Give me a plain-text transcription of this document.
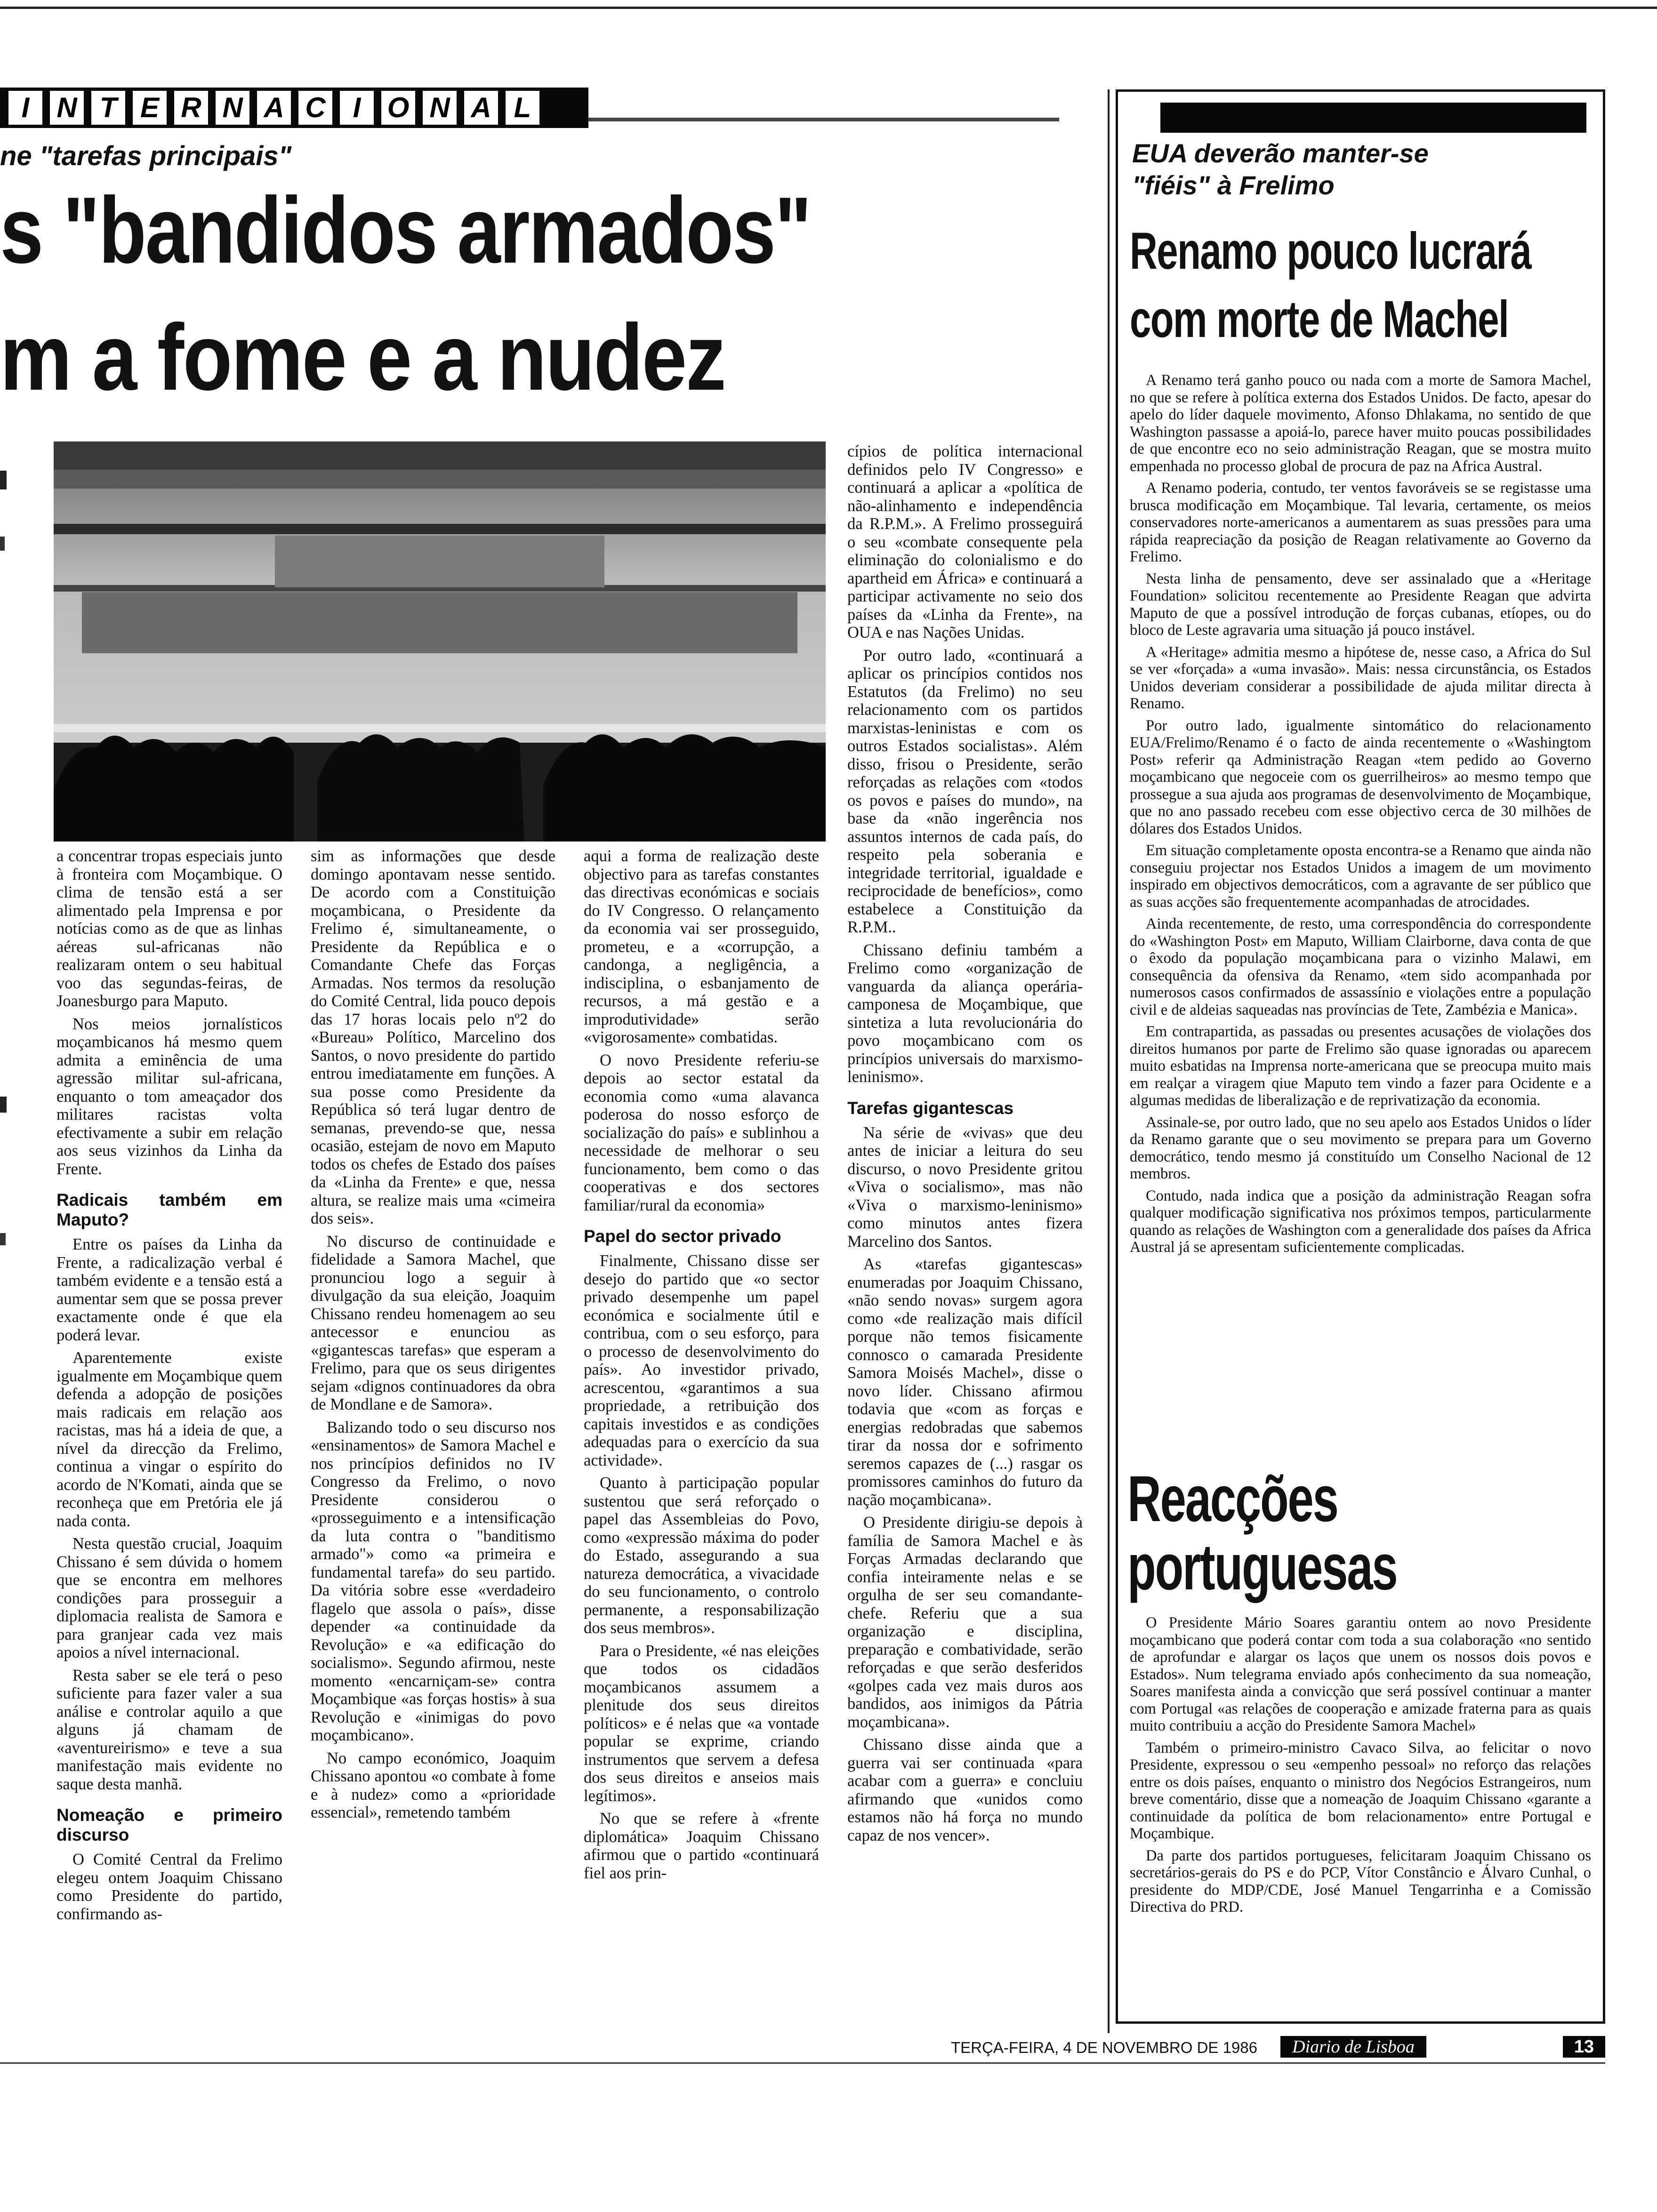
I N T E R N A C I O N A L
ne "tarefas principais"
s "bandidos armados"
m a fome e a nudez

a concentrar tropas especiais junto à fronteira com Moçambique. O clima de tensão está a ser alimentado pela Imprensa e por notícias como as de que as linhas aéreas sul-africanas não realizaram ontem o seu habitual voo das segundas-feiras, de Joanesburgo para Maputo.

Nos meios jornalísticos moçambicanos há mesmo quem admita a eminência de uma agressão militar sul-africana, enquanto o tom ameaçador dos militares racistas volta efectivamente a subir em relação aos seus vizinhos da Linha da Frente.

Radicais também em Maputo?

Entre os países da Linha da Frente, a radicalização verbal é também evidente e a tensão está a aumentar sem que se possa prever exactamente onde é que ela poderá levar.

Aparentemente existe igualmente em Moçambique quem defenda a adopção de posições mais radicais em relação aos racistas, mas há a ideia de que, a nível da direcção da Frelimo, continua a vingar o espírito do acordo de N'Komati, ainda que se reconheça que em Pretória ele já nada conta.

Nesta questão crucial, Joaquim Chissano é sem dúvida o homem que se encontra em melhores condições para prosseguir a diplomacia realista de Samora e para granjear cada vez mais apoios a nível internacional.

Resta saber se ele terá o peso suficiente para fazer valer a sua análise e controlar aquilo a que alguns já chamam de «aventureirismo» e teve a sua manifestação mais evidente no saque desta manhã.

Nomeação e primeiro discurso

O Comité Central da Frelimo elegeu ontem Joaquim Chissano como Presidente do partido, confirmando as-

sim as informações que desde domingo apontavam nesse sentido. De acordo com a Constituição moçambicana, o Presidente da Frelimo é, simultaneamente, o Presidente da República e o Comandante Chefe das Forças Armadas. Nos termos da resolução do Comité Central, lida pouco depois das 17 horas locais pelo nº2 do «Bureau» Político, Marcelino dos Santos, o novo presidente do partido entrou imediatamente em funções. A sua posse como Presidente da República só terá lugar dentro de semanas, prevendo-se que, nessa ocasião, estejam de novo em Maputo todos os chefes de Estado dos países da «Linha da Frente» e que, nessa altura, se realize mais uma «cimeira dos seis».

No discurso de continuidade e fidelidade a Samora Machel, que pronunciou logo a seguir à divulgação da sua eleição, Joaquim Chissano rendeu homenagem ao seu antecessor e enunciou as «gigantescas tarefas» que esperam a Frelimo, para que os seus dirigentes sejam «dignos continuadores da obra de Mondlane e de Samora».

Balizando todo o seu discurso nos «ensinamentos» de Samora Machel e nos princípios definidos no IV Congresso da Frelimo, o novo Presidente considerou o «prosseguimento e a intensificação da luta contra o "banditismo armado"» como «a primeira e fundamental tarefa» do seu partido. Da vitória sobre esse «verdadeiro flagelo que assola o país», disse depender «a continuidade da Revolução» e «a edificação do socialismo». Segundo afirmou, neste momento «encarniçam-se» contra Moçambique «as forças hostis» à sua Revolução e «inimigas do povo moçambicano».

No campo económico, Joaquim Chissano apontou «o combate à fome e à nudez» como a «prioridade essencial», remetendo também

aqui a forma de realização deste objectivo para as tarefas constantes das directivas económicas e sociais do IV Congresso. O relançamento da economia vai ser prosseguido, prometeu, e a «corrupção, a candonga, a negligência, a indisciplina, o esbanjamento de recursos, a má gestão e a improdutividade» serão «vigorosamente» combatidas.

O novo Presidente referiu-se depois ao sector estatal da economia como «uma alavanca poderosa do nosso esforço de socialização do país» e sublinhou a necessidade de melhorar o seu funcionamento, bem como o das cooperativas e dos sectores familiar/rural da economia»

Papel do sector privado

Finalmente, Chissano disse ser desejo do partido que «o sector privado desempenhe um papel económica e socialmente útil e contribua, com o seu esforço, para o processo de desenvolvimento do país». Ao investidor privado, acrescentou, «garantimos a sua propriedade, a retribuição dos capitais investidos e as condições adequadas para o exercício da sua actividade».

Quanto à participação popular sustentou que será reforçado o papel das Assembleias do Povo, como «expressão máxima do poder do Estado, assegurando a sua natureza democrática, a vivacidade do seu funcionamento, o controlo permanente, a responsabilização dos seus membros».

Para o Presidente, «é nas eleições que todos os cidadãos moçambicanos assumem a plenitude dos seus direitos políticos» e é nelas que «a vontade popular se exprime, criando instrumentos que servem a defesa dos seus direitos e anseios mais legítimos».

No que se refere à «frente diplomática» Joaquim Chissano afirmou que o partido «continuará fiel aos prin-

cípios de política internacional definidos pelo IV Congresso» e continuará a aplicar a «política de não-alinhamento e independência da R.P.M.». A Frelimo prosseguirá o seu «combate consequente pela eliminação do colonialismo e do apartheid em África» e continuará a participar activamente no seio dos países da «Linha da Frente», na OUA e nas Nações Unidas.

Por outro lado, «continuará a aplicar os princípios contidos nos Estatutos (da Frelimo) no seu relacionamento com os partidos marxistas-leninistas e com os outros Estados socialistas». Além disso, frisou o Presidente, serão reforçadas as relações com «todos os povos e países do mundo», na base da «não ingerência nos assuntos internos de cada país, do respeito pela soberania e integridade territorial, igualdade e reciprocidade de benefícios», como estabelece a Constituição da R.P.M..

Chissano definiu também a Frelimo como «organização de vanguarda da aliança operária-camponesa de Moçambique, que sintetiza a luta revolucionária do povo moçambicano com os princípios universais do marxismo-leninismo».

Tarefas gigantescas

Na série de «vivas» que deu antes de iniciar a leitura do seu discurso, o novo Presidente gritou «Viva o socialismo», mas não «Viva o marxismo-leninismo» como minutos antes fizera Marcelino dos Santos.

As «tarefas gigantescas» enumeradas por Joaquim Chissano, «não sendo novas» surgem agora como «de realização mais difícil porque não temos fisicamente connosco o camarada Presidente Samora Moisés Machel», disse o novo líder. Chissano afirmou todavia que «com as forças e energias redobradas que sabemos tirar da nossa dor e sofrimento seremos capazes de (...) rasgar os promissores caminhos do futuro da nação moçambicana».

O Presidente dirigiu-se depois à família de Samora Machel e às Forças Armadas declarando que confia inteiramente nelas e se orgulha de ser seu comandante-chefe. Referiu que a sua organização e disciplina, preparação e combatividade, serão reforçadas e que serão desferidos «golpes cada vez mais duros aos bandidos, aos inimigos da Pátria moçambicana».

Chissano disse ainda que a guerra vai ser continuada «para acabar com a guerra» e concluiu afirmando que «unidos como estamos não há força no mundo capaz de nos vencer».

EUA deverão manter-se
"fiéis" à Frelimo
Renamo pouco lucrará
com morte de Machel

A Renamo terá ganho pouco ou nada com a morte de Samora Machel, no que se refere à política externa dos Estados Unidos. De facto, apesar do apelo do líder daquele movimento, Afonso Dhlakama, no sentido de que Washington passasse a apoiá-lo, parece haver muito poucas possibilidades de que encontre eco no seio administração Reagan, que se mostra muito empenhada no processo global de procura de paz na Africa Austral.

A Renamo poderia, contudo, ter ventos favoráveis se se registasse uma brusca modificação em Moçambique. Tal levaria, certamente, os meios conservadores norte-americanos a aumentarem as suas pressões para uma rápida reapreciação da posição de Reagan relativamente ao Governo da Frelimo.

Nesta linha de pensamento, deve ser assinalado que a «Heritage Foundation» solicitou recentemente ao Presidente Reagan que advirta Maputo de que a possível introdução de forças cubanas, etíopes, ou do bloco de Leste agravaria uma situação já pouco instável.

A «Heritage» admitia mesmo a hipótese de, nesse caso, a Africa do Sul se ver «forçada» a «uma invasão». Mais: nessa circunstância, os Estados Unidos deveriam considerar a possibilidade de ajuda militar directa à Renamo.

Por outro lado, igualmente sintomático do relacionamento EUA/Frelimo/Renamo é o facto de ainda recentemente o «Washingtom Post» referir qa Administração Reagan «tem pedido ao Governo moçambicano que negoceie com os guerrilheiros» ao mesmo tempo que prossegue a sua ajuda aos programas de desenvolvimento de Moçambique, que no ano passado recebeu com esse objectivo cerca de 30 milhões de dólares dos Estados Unidos.

Em situação completamente oposta encontra-se a Renamo que ainda não conseguiu projectar nos Estados Unidos a imagem de um movimento inspirado em objectivos democráticos, com a agravante de ser público que as suas acções são frequentemente acompanhadas de atrocidades.

Ainda recentemente, de resto, uma correspondência do correspondente do «Washington Post» em Maputo, William Clairborne, dava conta de que o êxodo da população moçambicana para o vizinho Malawi, em consequência da ofensiva da Renamo, «tem sido acompanhada por numerosos casos confirmados de assassínio e violações entre a população civil e de aldeias saqueadas nas províncias de Tete, Zambézia e Manica».

Em contrapartida, as passadas ou presentes acusações de violações dos direitos humanos por parte de Frelimo são quase ignoradas ou aparecem muito esbatidas na Imprensa norte-americana que se preocupa muito mais em realçar a viragem qiue Maputo tem vindo a fazer para Ocidente e a algumas medidas de liberalização e de reprivatização da economia.

Assinale-se, por outro lado, que no seu apelo aos Estados Unidos o líder da Renamo garante que o seu movimento se prepara para um Governo democrático, tendo mesmo já constituído um Conselho Nacional de 12 membros.

Contudo, nada indica que a posição da administração Reagan sofra qualquer modificação significativa nos próximos tempos, particularmente quando as relações de Washington com a generalidade dos países da Africa Austral já se apresentam suficientemente complicadas.

Reacções
portuguesas

O Presidente Mário Soares garantiu ontem ao novo Presidente moçambicano que poderá contar com toda a sua colaboração «no sentido de aprofundar e alargar os laços que unem os nossos dois povos e Estados». Num telegrama enviado após conhecimento da sua nomeação, Soares manifesta ainda a convicção que será possível continuar a manter com Portugal «as relações de cooperação e amizade fraterna para as quais muito contribuiu a acção do Presidente Samora Machel»

Também o primeiro-ministro Cavaco Silva, ao felicitar o novo Presidente, expressou o seu «empenho pessoal» no reforço das relações entre os dois países, enquanto o ministro dos Negócios Estrangeiros, num breve comentário, disse que a nomeação de Joaquim Chissano «garante a continuidade da política de bom relacionamento» entre Portugal e Moçambique.

Da parte dos partidos portugueses, felicitaram Joaquim Chissano os secretários-gerais do PS e do PCP, Vítor Constâncio e Álvaro Cunhal, o presidente do MDP/CDE, José Manuel Tengarrinha e a Comissão Directiva do PRD.

TERÇA-FEIRA, 4 DE NOVEMBRO DE 1986	Diario de Lisboa	13
